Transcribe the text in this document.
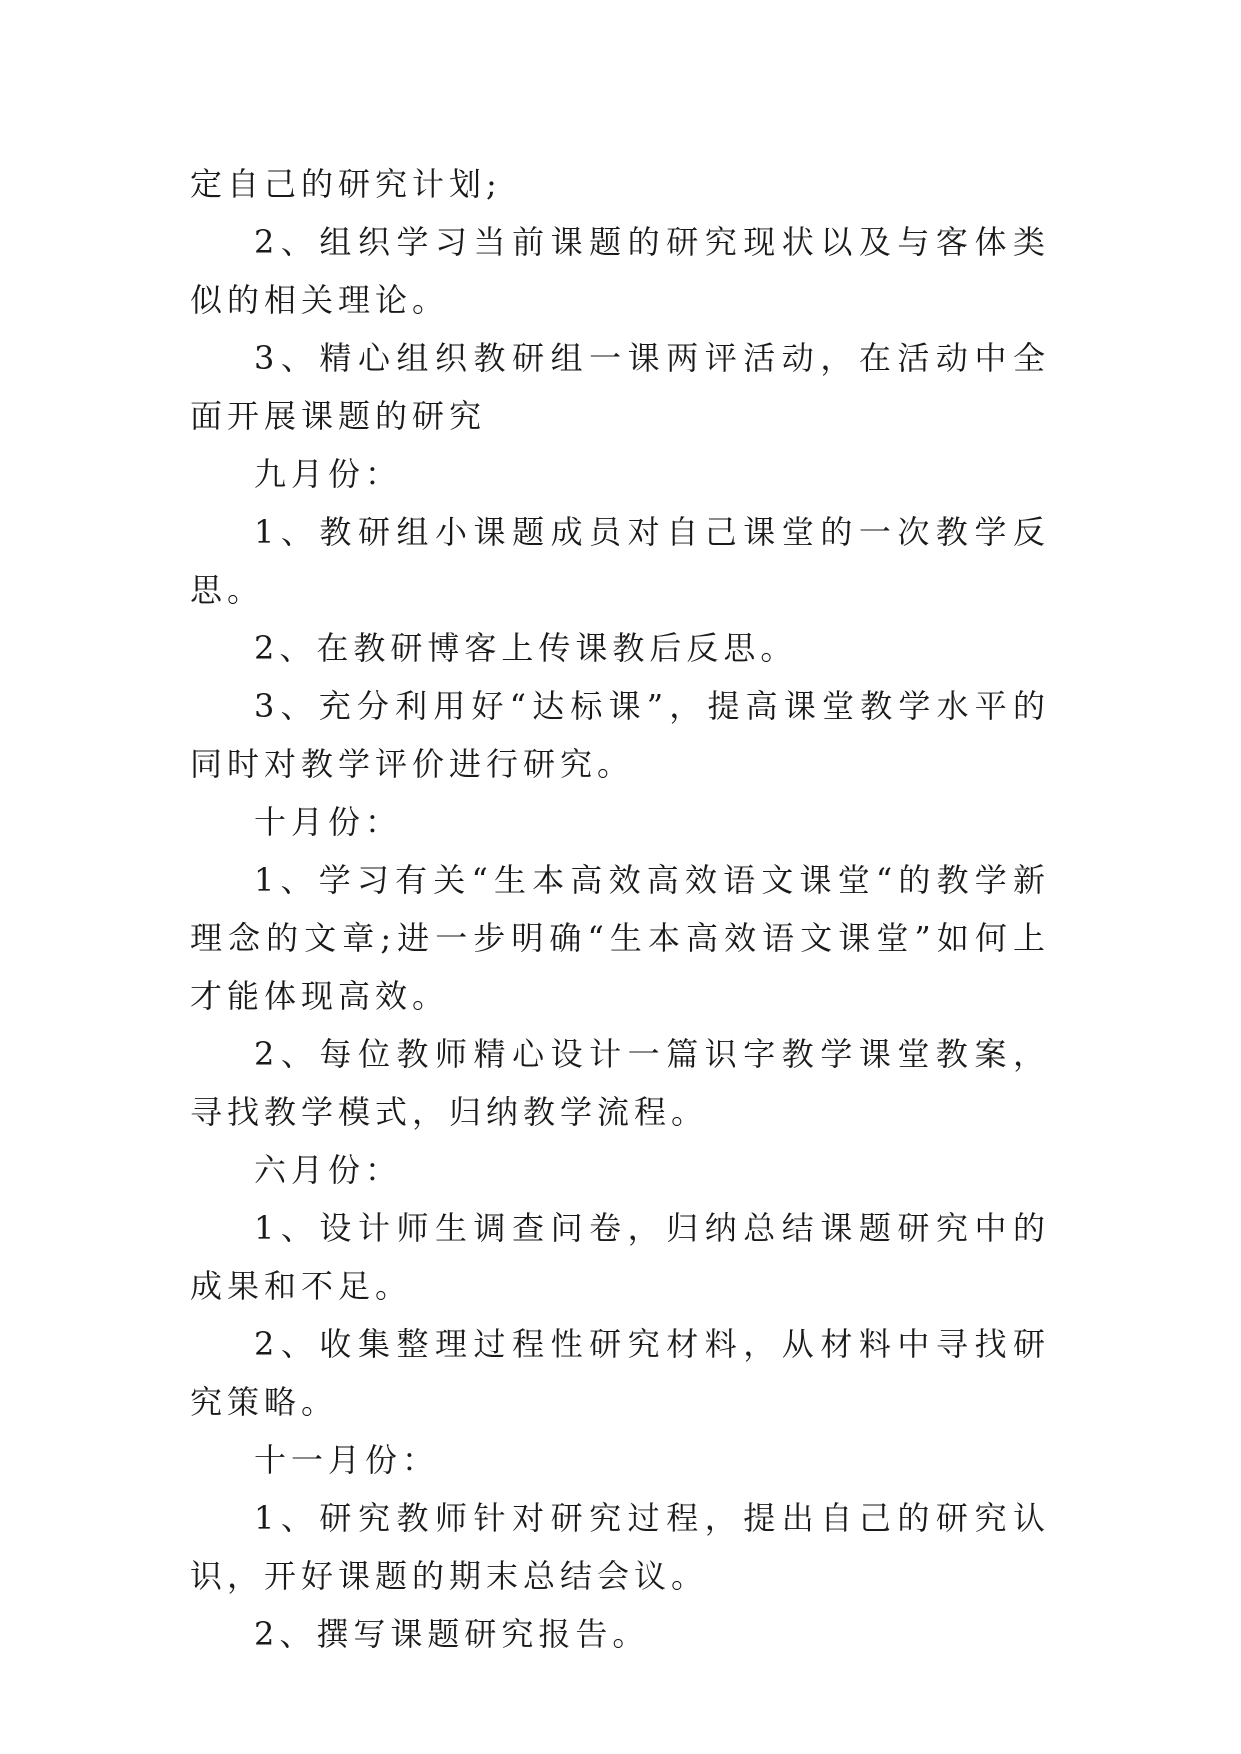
定自己的研究计划;

2、组织学习当前课题的研究现状以及与客体类似的相关理论。

3、精心组织教研组一课两评活动，在活动中全面开展课题的研究

九月份：

1、教研组小课题成员对自己课堂的一次教学反思。

2、在教研博客上传课教后反思。

3、充分利用好“达标课”，提高课堂教学水平的同时对教学评价进行研究。

十月份：

1、学习有关“生本高效高效语文课堂“的教学新理念的文章;进一步明确“生本高效语文课堂”如何上才能体现高效。

2、每位教师精心设计一篇识字教学课堂教案，寻找教学模式，归纳教学流程。

六月份：

1、设计师生调查问卷，归纳总结课题研究中的成果和不足。

2、收集整理过程性研究材料，从材料中寻找研究策略。

十一月份：

1、研究教师针对研究过程，提出自己的研究认识，开好课题的期末总结会议。

2、撰写课题研究报告。
